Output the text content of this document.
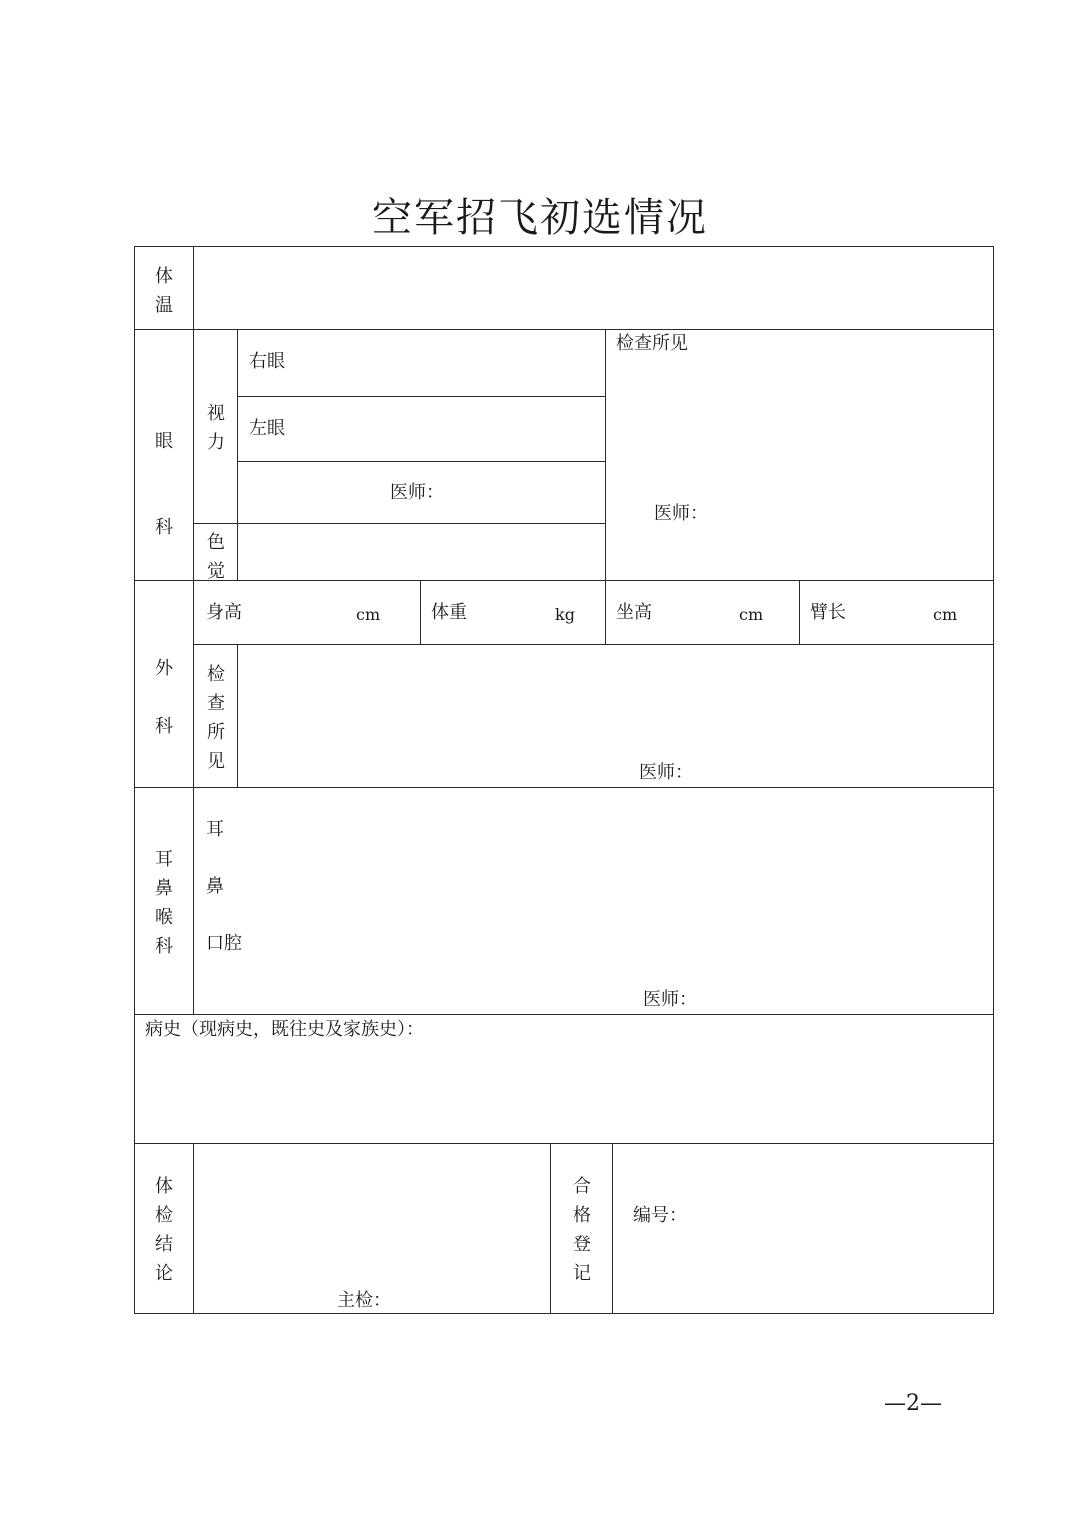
空军招飞初选情况
体温
眼科
视力
右眼
左眼
医师：
色觉
检查所见
医师：
外科
身高	cm	体重	kg 坐高	cm	臂长	cm
检查所见
医师：
耳鼻喉科
耳
鼻
口腔
医师：
病史（现病史，既往史及家族史）：
体检结论
主检：
合格登记
编号：
—2—
